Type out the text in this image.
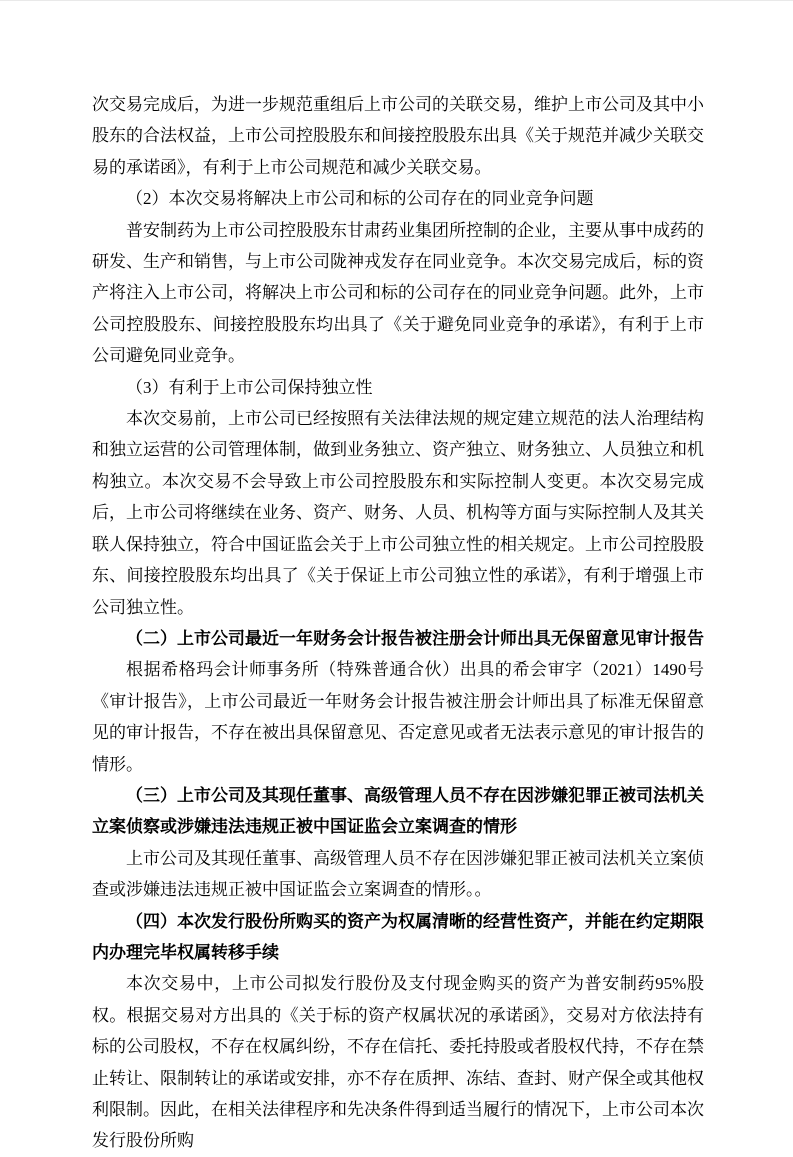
次交易完成后，为进一步规范重组后上市公司的关联交易，维护上市公司及其中小股东的合法权益，上市公司控股股东和间接控股股东出具《关于规范并减少关联交易的承诺函》，有利于上市公司规范和减少关联交易。

（2）本次交易将解决上市公司和标的公司存在的同业竞争问题

普安制药为上市公司控股股东甘肃药业集团所控制的企业，主要从事中成药的研发、生产和销售，与上市公司陇神戎发存在同业竞争。本次交易完成后，标的资产将注入上市公司，将解决上市公司和标的公司存在的同业竞争问题。此外，上市公司控股股东、间接控股股东均出具了《关于避免同业竞争的承诺》，有利于上市公司避免同业竞争。

（3）有利于上市公司保持独立性

本次交易前，上市公司已经按照有关法律法规的规定建立规范的法人治理结构和独立运营的公司管理体制，做到业务独立、资产独立、财务独立、人员独立和机构独立。本次交易不会导致上市公司控股股东和实际控制人变更。本次交易完成后，上市公司将继续在业务、资产、财务、人员、机构等方面与实际控制人及其关联人保持独立，符合中国证监会关于上市公司独立性的相关规定。上市公司控股股东、间接控股股东均出具了《关于保证上市公司独立性的承诺》，有利于增强上市公司独立性。

（二）上市公司最近一年财务会计报告被注册会计师出具无保留意见审计报告

根据希格玛会计师事务所（特殊普通合伙）出具的希会审字（2021）1490号《审计报告》，上市公司最近一年财务会计报告被注册会计师出具了标准无保留意见的审计报告，不存在被出具保留意见、否定意见或者无法表示意见的审计报告的情形。

（三）上市公司及其现任董事、高级管理人员不存在因涉嫌犯罪正被司法机关立案侦察或涉嫌违法违规正被中国证监会立案调查的情形

上市公司及其现任董事、高级管理人员不存在因涉嫌犯罪正被司法机关立案侦查或涉嫌违法违规正被中国证监会立案调查的情形。。

（四）本次发行股份所购买的资产为权属清晰的经营性资产，并能在约定期限内办理完毕权属转移手续

本次交易中，上市公司拟发行股份及支付现金购买的资产为普安制药95%股权。根据交易对方出具的《关于标的资产权属状况的承诺函》，交易对方依法持有标的公司股权，不存在权属纠纷，不存在信托、委托持股或者股权代持，不存在禁止转让、限制转让的承诺或安排，亦不存在质押、冻结、查封、财产保全或其他权利限制。因此，在相关法律程序和先决条件得到适当履行的情况下，上市公司本次发行股份所购
